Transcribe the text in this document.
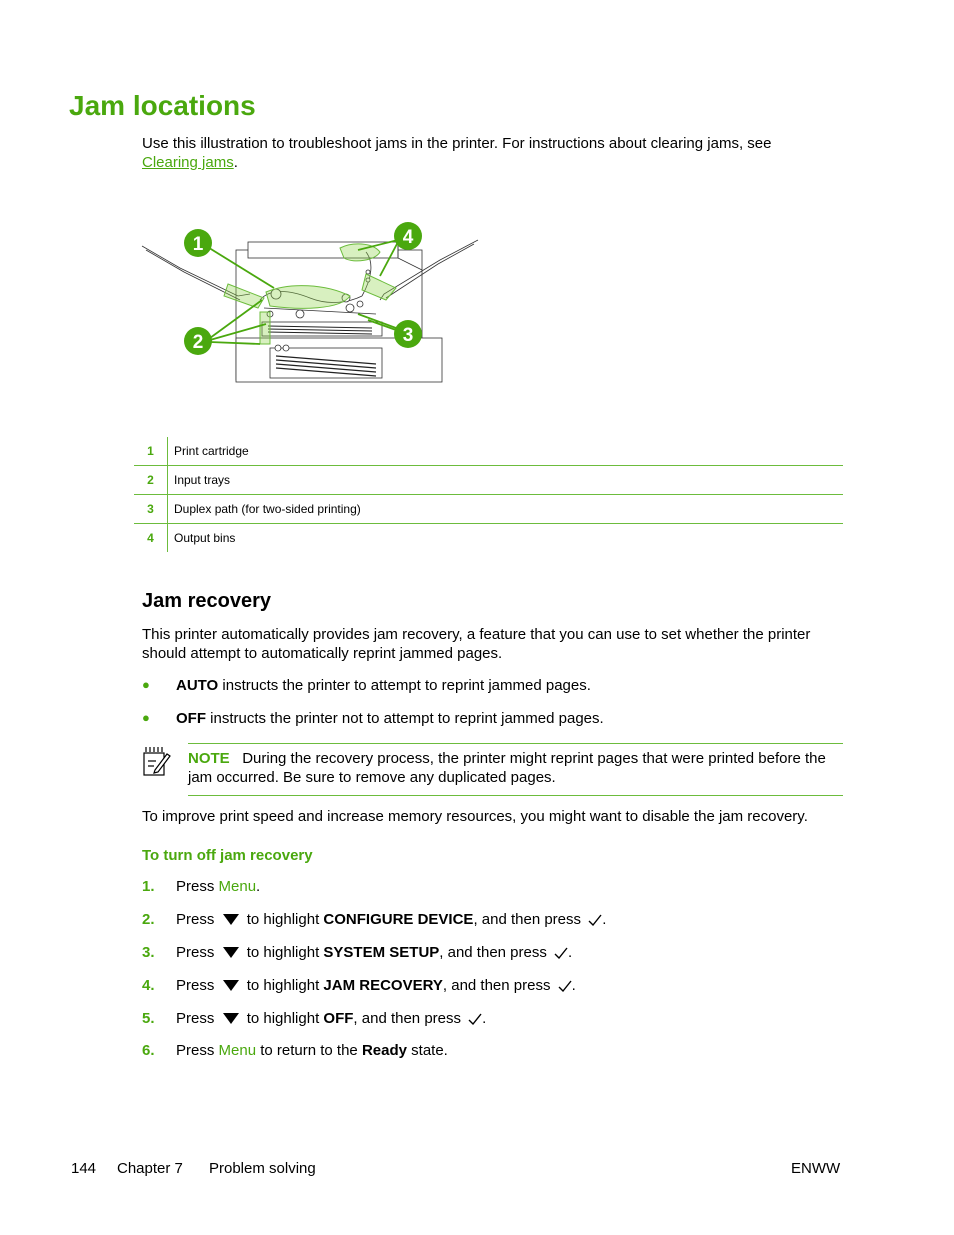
Jam locations
Use this illustration to troubleshoot jams in the printer. For instructions about clearing jams, see
Clearing jams.
1
2	3
4
1	Print cartridge
2	Input trays
3	Duplex path (for two-sided printing)
4	Output bins
Jam recovery
This printer automatically provides jam recovery, a feature that you can use to set whether the printer should attempt to automatically reprint jammed pages.
● AUTO instructs the printer to attempt to reprint jammed pages.
● OFF instructs the printer not to attempt to reprint jammed pages.
NOTE During the recovery process, the printer might reprint pages that were printed before the jam occurred. Be sure to remove any duplicated pages.
To improve print speed and increase memory resources, you might want to disable the jam recovery.
To turn off jam recovery
1. Press Menu.
2. Press to highlight CONFIGURE DEVICE, and then press .
3. Press to highlight SYSTEM SETUP, and then press .
4. Press to highlight JAM RECOVERY, and then press .
5. Press to highlight OFF, and then press .
6. Press Menu to return to the Ready state.
144 Chapter 7 Problem solving	ENWW
